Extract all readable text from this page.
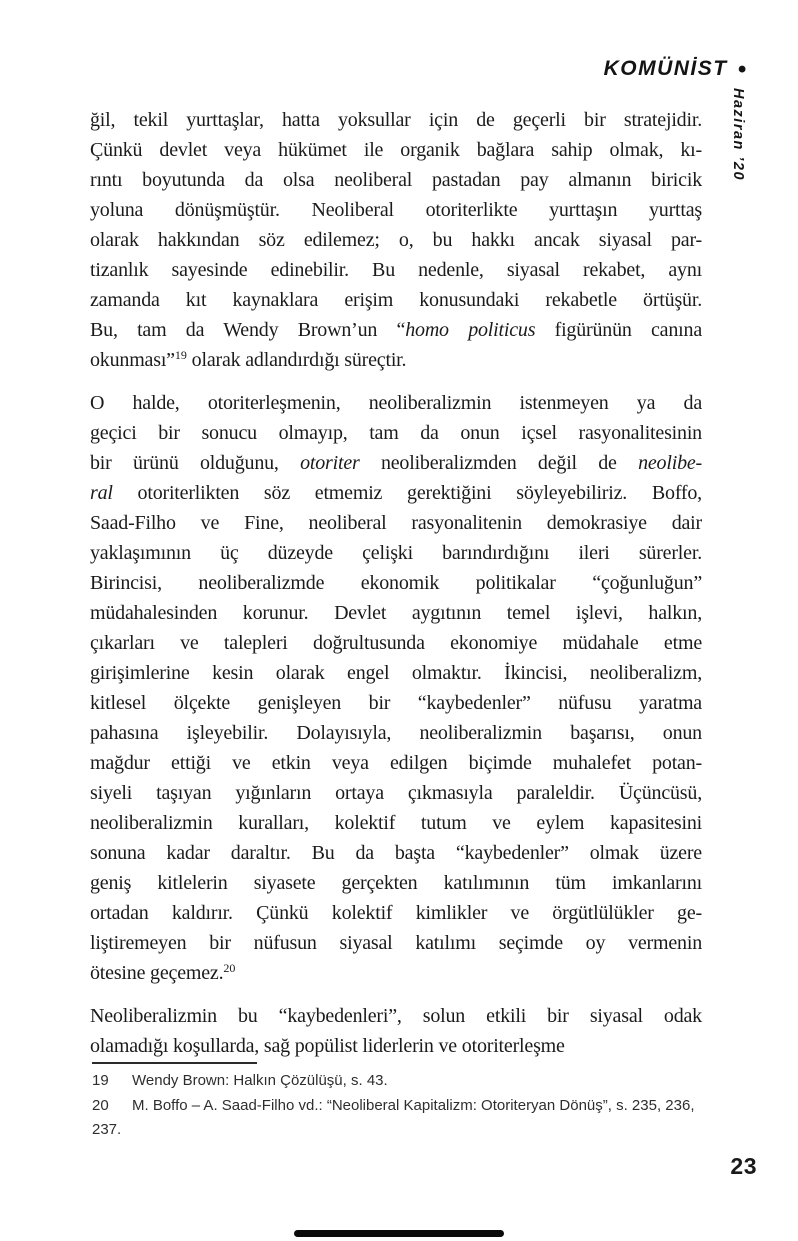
KOMÜNİST •
Haziran ’20
ğil, tekil yurttaşlar, hatta yoksullar için de geçerli bir stratejidir.
Çünkü devlet veya hükümet ile organik bağlara sahip olmak, kı-
rıntı boyutunda da olsa neoliberal pastadan pay almanın biricik
yoluna dönüşmüştür. Neoliberal otoriterlikte yurttaşın yurttaş
olarak hakkından söz edilemez; o, bu hakkı ancak siyasal par-
tizanlık sayesinde edinebilir. Bu nedenle, siyasal rekabet, aynı
zamanda kıt kaynaklara erişim konusundaki rekabetle örtüşür.
Bu, tam da Wendy Brown’un “homo politicus figürünün canına
okunması”$^{19}$ olarak adlandırdığı süreçtir.
O halde, otoriterleşmenin, neoliberalizmin istenmeyen ya da
geçici bir sonucu olmayıp, tam da onun içsel rasyonalitesinin
bir ürünü olduğunu, otoriter neoliberalizmden değil de neolibe-
ral otoriterlikten söz etmemiz gerektiğini söyleyebiliriz. Boffo,
Saad-Filho ve Fine, neoliberal rasyonalitenin demokrasiye dair
yaklaşımının üç düzeyde çelişki barındırdığını ileri sürerler.
Birincisi, neoliberalizmde ekonomik politikalar “çoğunluğun”
müdahalesinden korunur. Devlet aygıtının temel işlevi, halkın,
çıkarları ve talepleri doğrultusunda ekonomiye müdahale etme
girişimlerine kesin olarak engel olmaktır. İkincisi, neoliberalizm,
kitlesel ölçekte genişleyen bir “kaybedenler” nüfusu yaratma
pahasına işleyebilir. Dolayısıyla, neoliberalizmin başarısı, onun
mağdur ettiği ve etkin veya edilgen biçimde muhalefet potan-
siyeli taşıyan yığınların ortaya çıkmasıyla paraleldir. Üçüncüsü,
neoliberalizmin kuralları, kolektif tutum ve eylem kapasitesini
sonuna kadar daraltır. Bu da başta “kaybedenler” olmak üzere
geniş kitlelerin siyasete gerçekten katılımının tüm imkanlarını
ortadan kaldırır. Çünkü kolektif kimlikler ve örgütlülükler ge-
liştiremeyen bir nüfusun siyasal katılımı seçimde oy vermenin
ötesine geçemez.$^{20}$
Neoliberalizmin bu “kaybedenleri”, solun etkili bir siyasal odak
olamadığı koşullarda, sağ popülist liderlerin ve otoriterleşme
19 Wendy Brown: Halkın Çözülüşü, s. 43.
20 M. Boffo – A. Saad-Filho vd.: “Neoliberal Kapitalizm: Otoriteryan Dönüş”, s. 235, 236,
237.
23
